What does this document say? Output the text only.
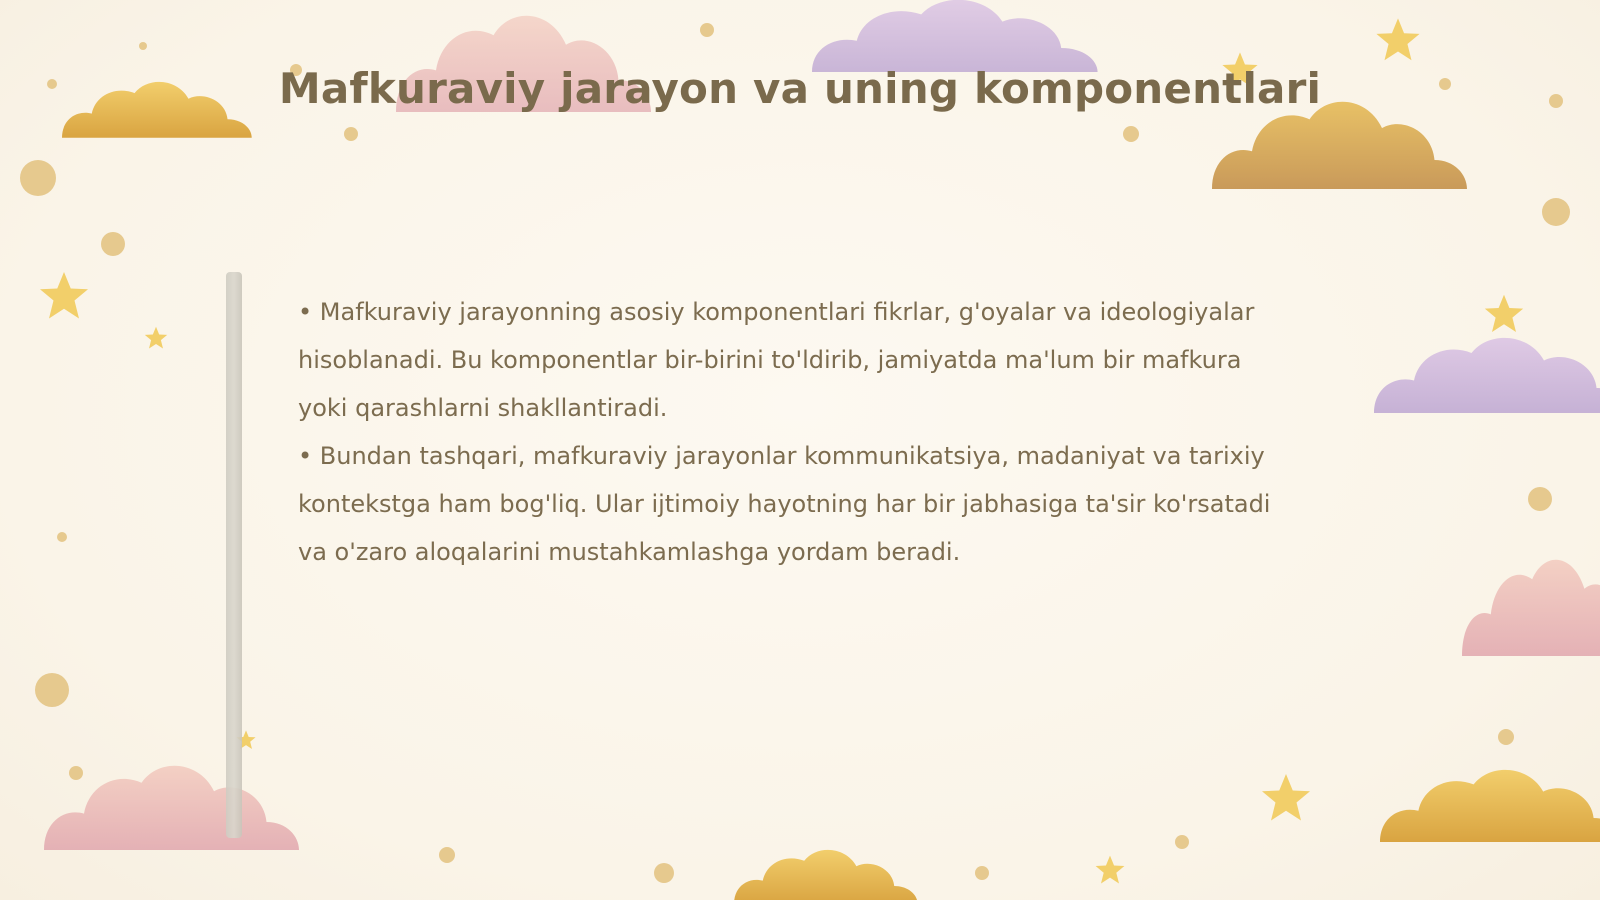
Mafkuraviy jarayon va uning komponentlari

• Mafkuraviy jarayonning asosiy komponentlari fikrlar, g'oyalar va ideologiyalar hisoblanadi. Bu komponentlar bir-birini to'ldirib, jamiyatda ma'lum bir mafkura yoki qarashlarni shakllantiradi.

• Bundan tashqari, mafkuraviy jarayonlar kommunikatsiya, madaniyat va tarixiy kontekstga ham bog'liq. Ular ijtimoiy hayotning har bir jabhasiga ta'sir ko'rsatadi va o'zaro aloqalarini mustahkamlashga yordam beradi.
